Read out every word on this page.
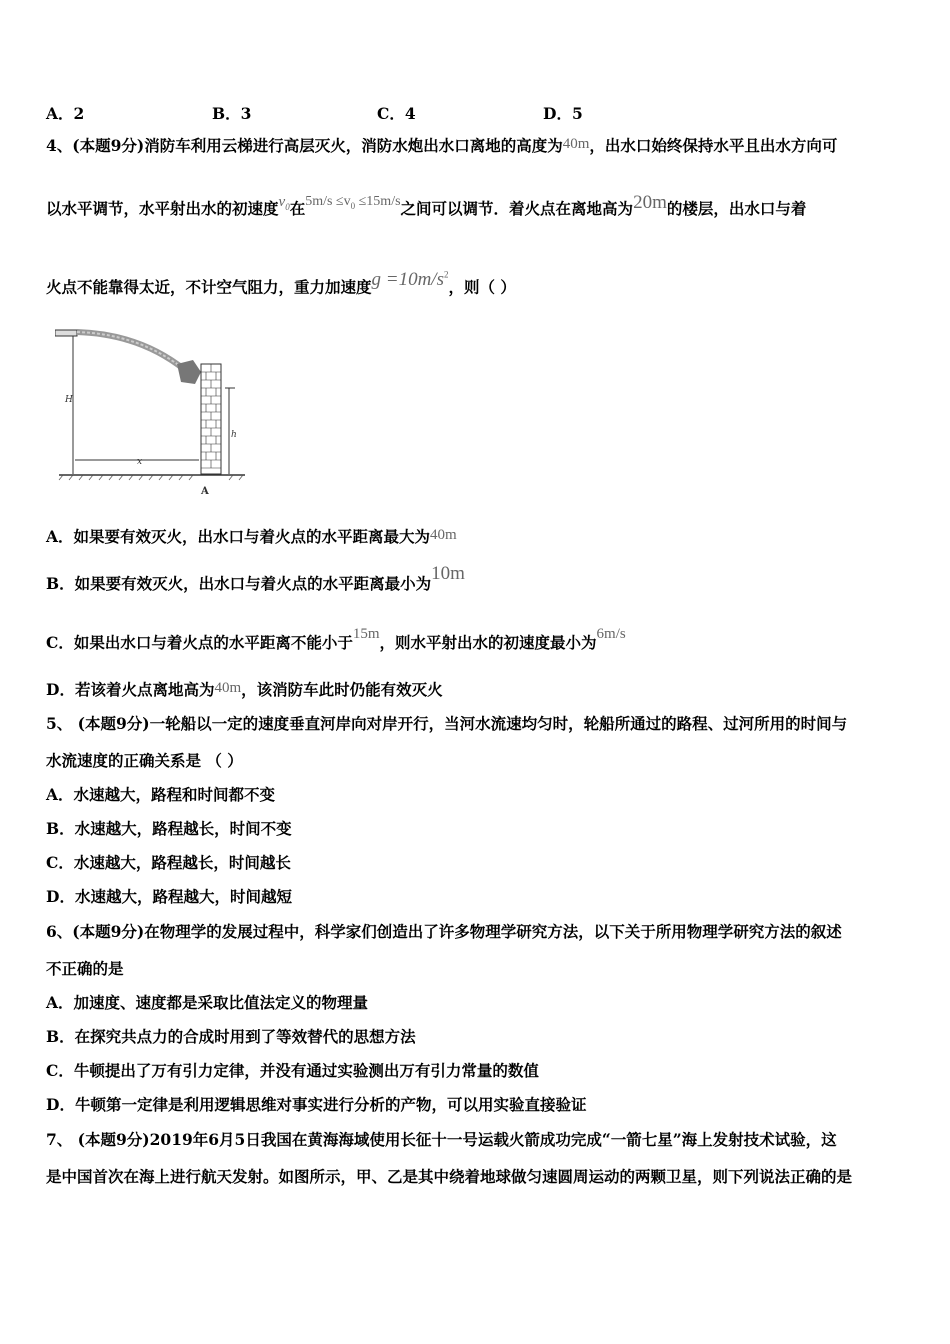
A．2	B．3	C．4	D．5
4、(本题9分)消防车利用云梯进行高层灭火，消防水炮出水口离地的高度为40m，出水口始终保持水平且出水方向可
以水平调节，水平射出水的初速度$v_0$在$5m/s \le v_0 \le 15m/s$之间可以调节．着火点在离地高为20m的楼层，出水口与着
火点不能靠得太近，不计空气阻力，重力加速度$g =10m/s^2$，则（ ）
H
h
x
A
A．如果要有效灭火，出水口与着火点的水平距离最大为40m
B．如果要有效灭火，出水口与着火点的水平距离最小为10m
C．如果出水口与着火点的水平距离不能小于15m，则水平射出水的初速度最小为6m/s
D．若该着火点离地高为40m，该消防车此时仍能有效灭火
5、 (本题9分)一轮船以一定的速度垂直河岸向对岸开行，当河水流速均匀时，轮船所通过的路程、过河所用的时间与
水流速度的正确关系是 （ ）
A．水速越大，路程和时间都不变
B．水速越大，路程越长，时间不变
C．水速越大，路程越长，时间越长
D．水速越大，路程越大，时间越短
6、(本题9分)在物理学的发展过程中，科学家们创造出了许多物理学研究方法，以下关于所用物理学研究方法的叙述
不正确的是
A．加速度、速度都是采取比值法定义的物理量
B．在探究共点力的合成时用到了等效替代的思想方法
C．牛顿提出了万有引力定律，并没有通过实验测出万有引力常量的数值
D．牛顿第一定律是利用逻辑思维对事实进行分析的产物，可以用实验直接验证
7、 (本题9分)2019年6月5日我国在黄海海域使用长征十一号运载火箭成功完成“一箭七星”海上发射技术试验，这
是中国首次在海上进行航天发射。如图所示，甲、乙是其中绕着地球做匀速圆周运动的两颗卫星，则下列说法正确的是
